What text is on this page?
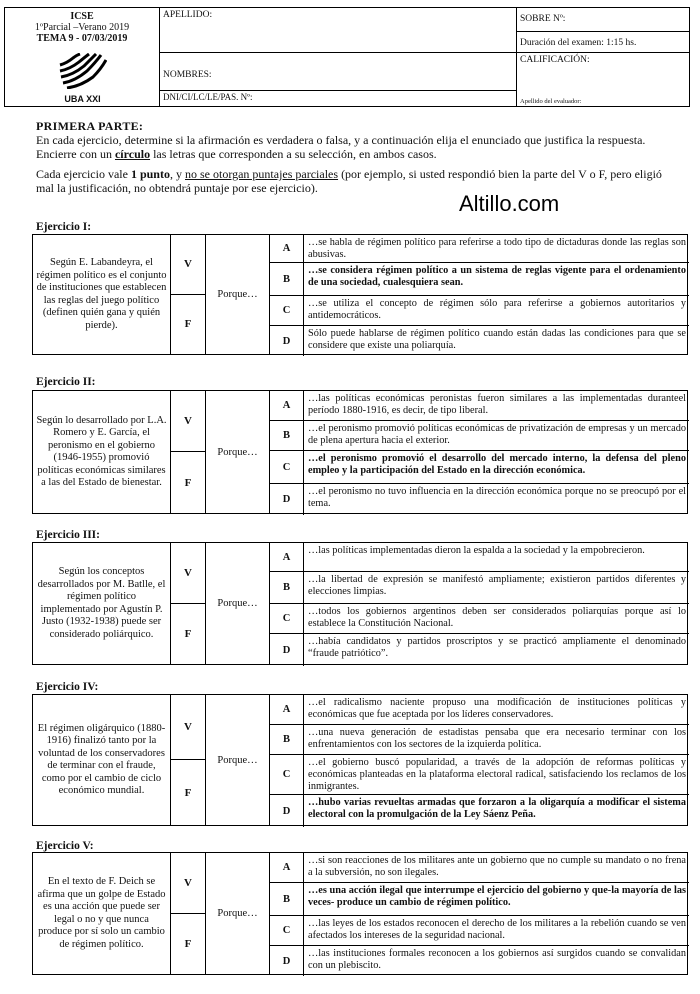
ICSE
1ºParcial –Verano 2019
TEMA 9 - 07/03/2019
UBA XXI
APELLIDO:
NOMBRES:
DNI/CI/LC/LE/PAS. Nº:
SOBRE Nº:
Duración del examen: 1:15 hs.
CALIFICACIÓN:
Apellido del evaluador:
PRIMERA PARTE:

En cada ejercicio, determine si la afirmación es verdadera o falsa, y a continuación elija el enunciado que justifica la respuesta. Encierre con un círculo las letras que corresponden a su selección, en ambos casos.

Cada ejercicio vale 1 punto, y no se otorgan puntajes parciales (por ejemplo, si usted respondió bien la parte del V o F, pero eligió mal la justificación, no obtendrá puntaje por ese ejercicio).

Altillo.com
Ejercicio I:
Según E. Labandeyra, el régimen político es el conjunto de instituciones que establecen las reglas del juego político (definen quién gana y quién pierde).
V
F
Porque…
A
…se habla de régimen político para referirse a todo tipo de dictaduras donde las reglas son abusivas.
B
…se considera régimen político a un sistema de reglas vigente para el ordenamiento de una sociedad, cualesquiera sean.
C
…se utiliza el concepto de régimen sólo para referirse a gobiernos autoritarios y antidemocráticos.
D
Sólo puede hablarse de régimen político cuando están dadas las condiciones para que se considere que existe una poliarquía.
Ejercicio II:
Según lo desarrollado por L.A. Romero y E. García, el peronismo en el gobierno (1946-1955) promovió políticas económicas similares a las del Estado de bienestar.
V
F
Porque…
A
…las políticas económicas peronistas fueron similares a las implementadas duranteel período 1880-1916, es decir, de tipo liberal.
B
…el peronismo promovió políticas económicas de privatización de empresas y un mercado de plena apertura hacia el exterior.
C
…el peronismo promovió el desarrollo del mercado interno, la defensa del pleno empleo y la participación del Estado en la dirección económica.
D
…el peronismo no tuvo influencia en la dirección económica porque no se preocupó por el tema.
Ejercicio III:
Según los conceptos desarrollados por M. Batlle, el régimen político implementado por Agustín P. Justo (1932-1938) puede ser considerado poliárquico.
V
F
Porque…
A
…las políticas implementadas dieron la espalda a la sociedad y la empobrecieron.
B
…la libertad de expresión se manifestó ampliamente; existieron partidos diferentes y elecciones limpias.
C
…todos los gobiernos argentinos deben ser considerados poliarquías porque así lo establece la Constitución Nacional.
D
…había candidatos y partidos proscriptos y se practicó ampliamente el denominado “fraude patriótico”.
Ejercicio IV:
El régimen oligárquico (1880-1916) finalizó tanto por la voluntad de los conservadores de terminar con el fraude, como por el cambio de ciclo económico mundial.
V
F
Porque…
A
…el radicalismo naciente propuso una modificación de instituciones políticas y económicas que fue aceptada por los líderes conservadores.
B
…una nueva generación de estadistas pensaba que era necesario terminar con los enfrentamientos con los sectores de la izquierda política.
C
…el gobierno buscó popularidad, a través de la adopción de reformas políticas y económicas planteadas en la plataforma electoral radical, satisfaciendo los reclamos de los inmigrantes.
D
…hubo varias revueltas armadas que forzaron a la oligarquía a modificar el sistema electoral con la promulgación de la Ley Sáenz Peña.
Ejercicio V:
En el texto de F. Deich se afirma que un golpe de Estado es una acción que puede ser legal o no y que nunca produce por sí solo un cambio de régimen político.
V
F
Porque…
A
…si son reacciones de los militares ante un gobierno que no cumple su mandato o no frena a la subversión, no son ilegales.
B
…es una acción ilegal que interrumpe el ejercicio del gobierno y que-la mayoría de las veces- produce un cambio de régimen político.
C
…las leyes de los estados reconocen el derecho de los militares a la rebelión cuando se ven afectados los intereses de la seguridad nacional.
D
…las instituciones formales reconocen a los gobiernos así surgidos cuando se convalidan con un plebiscito.
